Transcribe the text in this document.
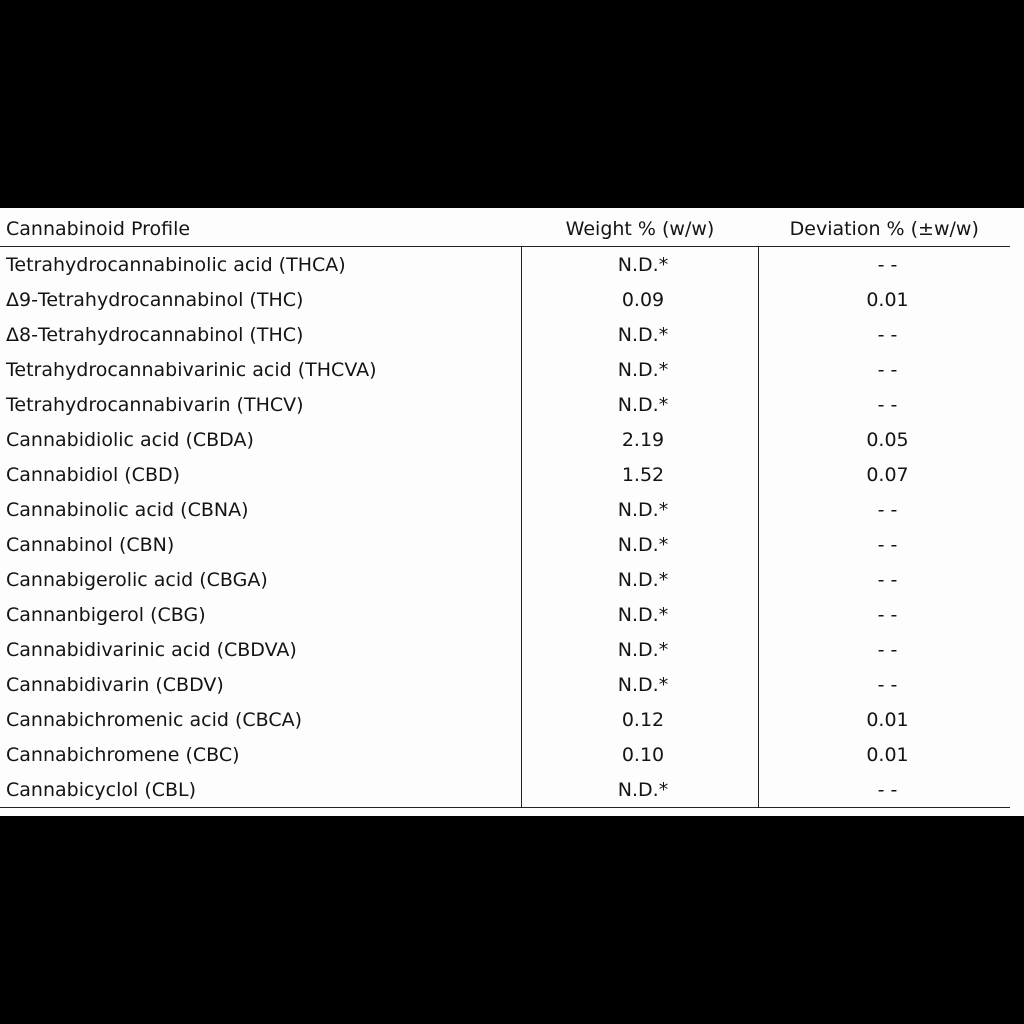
Cannabinoid Profile	Weight % (w/w)	Deviation % (±w/w)
Tetrahydrocannabinolic acid (THCA)	N.D.*	- -
Δ9-Tetrahydrocannabinol (THC)	0.09	0.01
Δ8-Tetrahydrocannabinol (THC)	N.D.*	- -
Tetrahydrocannabivarinic acid (THCVA)	N.D.*	- -
Tetrahydrocannabivarin (THCV)	N.D.*	- -
Cannabidiolic acid (CBDA)	2.19	0.05
Cannabidiol (CBD)	1.52	0.07
Cannabinolic acid (CBNA)	N.D.*	- -
Cannabinol (CBN)	N.D.*	- -
Cannabigerolic acid (CBGA)	N.D.*	- -
Cannanbigerol (CBG)	N.D.*	- -
Cannabidivarinic acid (CBDVA)	N.D.*	- -
Cannabidivarin (CBDV)	N.D.*	- -
Cannabichromenic acid (CBCA)	0.12	0.01
Cannabichromene (CBC)	0.10	0.01
Cannabicyclol (CBL)	N.D.*	- -
